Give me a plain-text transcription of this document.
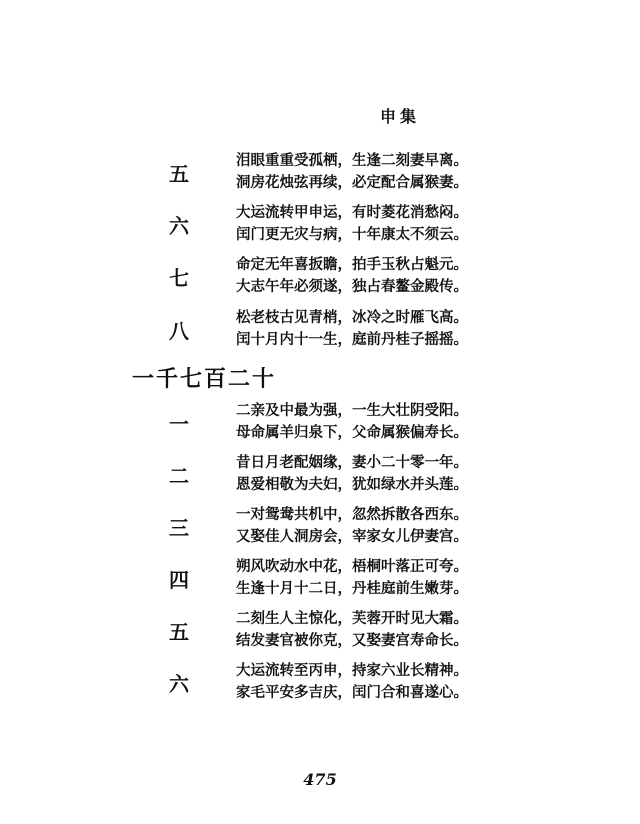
申集
五
泪眼重重受孤栖，生逢二刻妻早离。
洞房花烛弦再续，必定配合属猴妻。
六
大运流转甲申运，有时菱花消愁闷。
闰门更无灾与病，十年康太不须云。
七
命定无年喜扳瞻，拍手玉秋占魁元。
大志午年必须遂，独占春鳌金殿传。
八
松老枝古见青梢，冰冷之时雁飞高。
闰十月内十一生，庭前丹桂子摇摇。
一千七百二十
一
二亲及中最为强，一生大壮阴受阳。
母命属羊归泉下，父命属猴偏寿长。
二
昔日月老配姻缘，妻小二十零一年。
恩爱相敬为夫妇，犹如绿水并头莲。
三
一对鸳鸯共机中，忽然拆散各西东。
又娶佳人洞房会，宰家女儿伊妻宫。
四
朔风吹动水中花，梧桐叶落正可夸。
生逢十月十二日，丹桂庭前生嫩芽。
五
二刻生人主惊化，芙蓉开时见大霜。
结发妻官被你克，又娶妻宫寿命长。
六
大运流转至丙申，持家六业长精神。
家毛平安多吉庆，闰门合和喜遂心。
475
